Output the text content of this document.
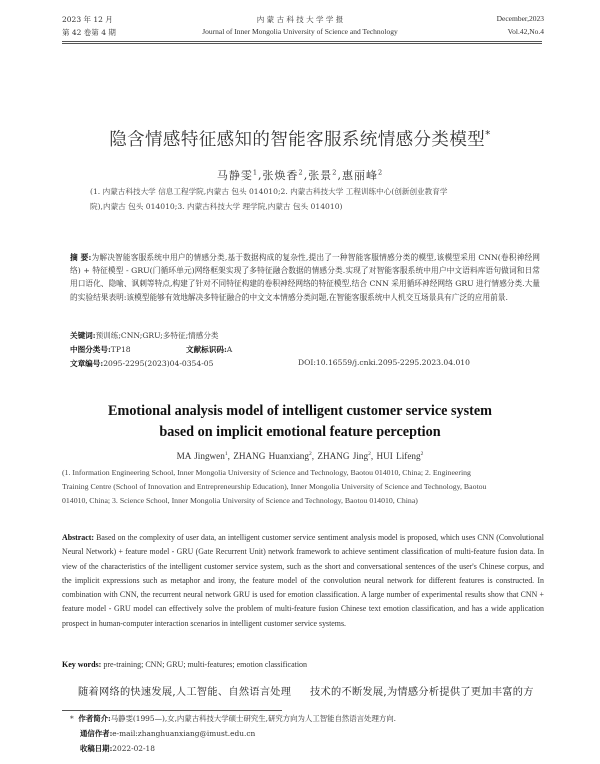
2023 年 12 月
第 42 卷第 4 期
内 蒙 古 科 技 大 学 学 报
Journal of Inner Mongolia University of Science and Technology
December,2023
Vol.42,No.4
隐含情感特征感知的智能客服系统情感分类模型*
马静雯$^1$,张焕香$^2$,张景$^2$,惠丽峰$^2$
(1. 内蒙古科技大学 信息工程学院,内蒙古 包头 014010;2. 内蒙古科技大学 工程训练中心(创新创业教育学
院),内蒙古 包头 014010;3. 内蒙古科技大学 理学院,内蒙古 包头 014010)
摘 要:为解决智能客服系统中用户的情感分类,基于数据构成的复杂性,提出了一种智能客服情感分类的模型,该模型采用 CNN(卷积神经网络) + 特征模型 - GRU(门循环单元)网络框架实现了多特征融合数据的情感分类.实现了对智能客服系统中用户中文语料库语句做词和日常用口语化、隐喻、讽刺等特点,构建了针对不同特征构建的卷积神经网络的特征模型,结合 CNN 采用循环神经网络 GRU 进行情感分类.大量的实验结果表明:该模型能够有效地解决多特征融合的中文文本情感分类问题,在智能客服系统中人机交互场景具有广泛的应用前景.
关键词:预训练;CNN;GRU;多特征;情感分类
中图分类号:TP18	文献标识码:A
文章编号:2095-2295(2023)04-0354-05	DOI:10.16559/j.cnki.2095-2295.2023.04.010
Emotional analysis model of intelligent customer service system
based on implicit emotional feature perception
MA Jingwen$^1$, ZHANG Huanxiang$^2$, ZHANG Jing$^2$, HUI Lifeng$^2$
(1. Information Engineering School, Inner Mongolia University of Science and Technology, Baotou 014010, China; 2. Engineering
Training Centre (School of Innovation and Entrepreneurship Education), Inner Mongolia University of Science and Technology, Baotou
014010, China; 3. Science School, Inner Mongolia University of Science and Technology, Baotou 014010, China)
Abstract: Based on the complexity of user data, an intelligent customer service sentiment analysis model is proposed, which uses CNN (Convolutional Neural Network) + feature model - GRU (Gate Recurrent Unit) network framework to achieve sentiment classification of multi-feature fusion data. In view of the characteristics of the intelligent customer service system, such as the short and conversational sentences of the user's Chinese corpus, and the implicit expressions such as metaphor and irony, the feature model of the convolution neural network for different features is constructed. In combination with CNN, the recurrent neural network GRU is used for emotion classification. A large number of experimental results show that CNN + feature model - GRU model can effectively solve the problem of multi-feature fusion Chinese text emotion classification, and has a wide application prospect in human-computer interaction scenarios in intelligent customer service systems.
Key words: pre-training; CNN; GRU; multi-features; emotion classification
随着网络的快速发展,人工智能、自然语言处理 技术的不断发展,为情感分析提供了更加丰富的方
* 作者简介:马静雯(1995—),女,内蒙古科技大学硕士研究生,研究方向为人工智能自然语言处理方向.
通信作者:e-mail:zhanghuanxiang@imust.edu.cn
收稿日期:2022-02-18
